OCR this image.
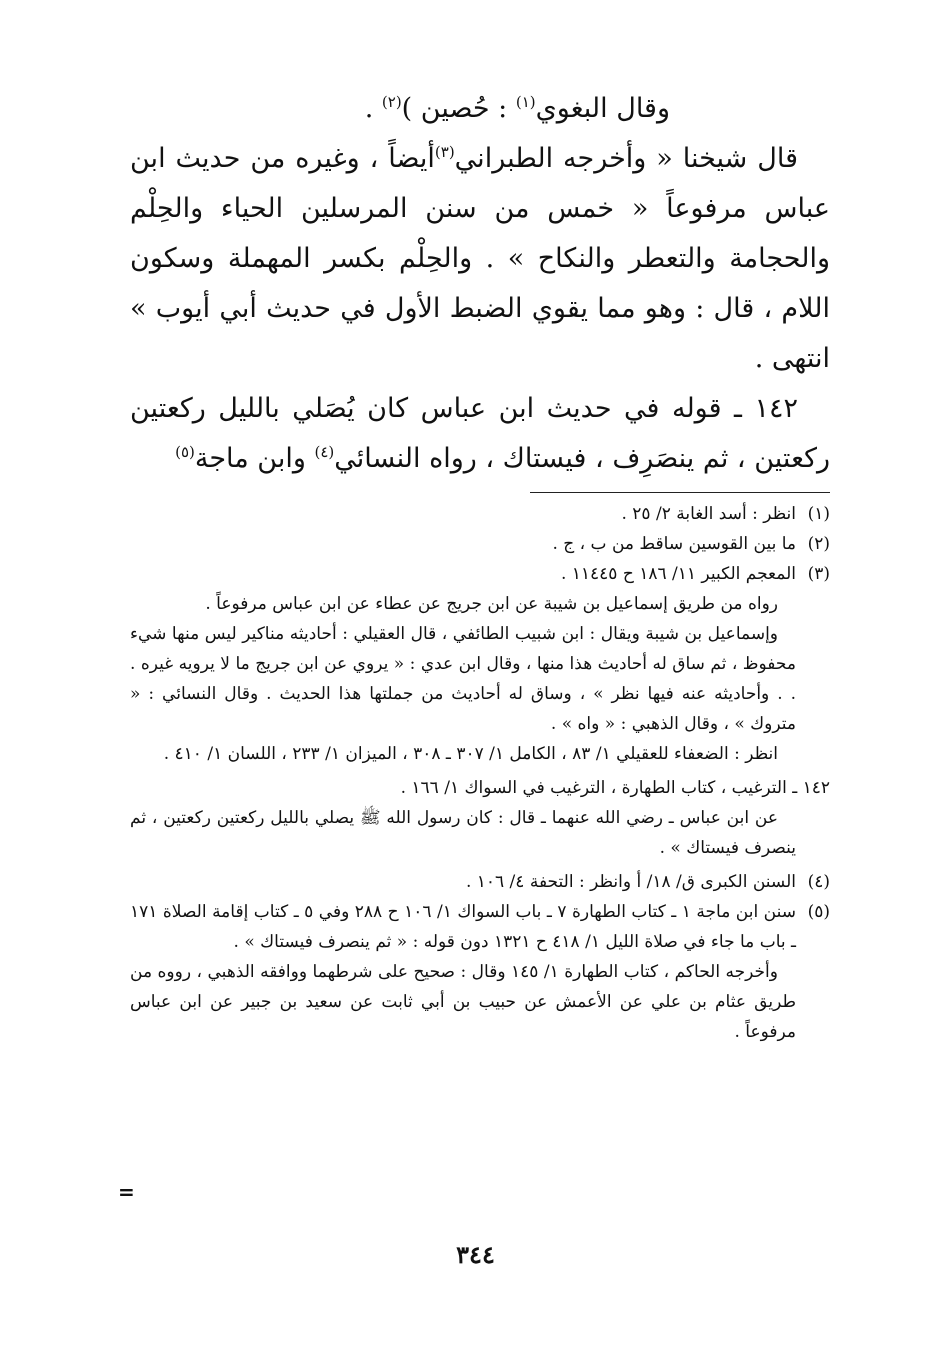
وقال البغوي$^{(١)}$ : حُصين )$^{(٢)}$ .

قال شيخنا « وأخرجه الطبراني$^{(٣)}$أيضاً ، وغيره من حديث ابن عباس مرفوعاً « خمس من سنن المرسلين الحياء والحِلْم والحجامة والتعطر والنكاح » . والحِلْم بكسر المهملة وسكون اللام ، قال : وهو مما يقوي الضبط الأول في حديث أبي أيوب » انتهى .

١٤٢ ـ قوله في حديث ابن عباس كان يُصَلي بالليل ركعتين ركعتين ، ثم ينصَرِف ، فيستاك ، رواه النسائي$^{(٤)}$ وابن ماجة$^{(٥)}$

(١)

انظر : أسد الغابة ٢/ ٢٥ .

(٢)

ما بين القوسين ساقط من ب ، ج .

(٣)

المعجم الكبير ١١/ ١٨٦ ح ١١٤٤٥ .

رواه من طريق إسماعيل بن شيبة عن ابن جريج عن عطاء عن ابن عباس مرفوعاً .

وإسماعيل بن شيبة ويقال : ابن شبيب الطائفي ، قال العقيلي : أحاديثه مناكير ليس منها شيء محفوظ ، ثم ساق له أحاديث هذا منها ، وقال ابن عدي : « يروي عن ابن جريج ما لا يرويه غيره . . . وأحاديثه عنه فيها نظر » ، وساق له أحاديث من جملتها هذا الحديث . وقال النسائي : « متروك » ، وقال الذهبي : « واه » .

انظر : الضعفاء للعقيلي ١/ ٨٣ ، الكامل ١/ ٣٠٧ ـ ٣٠٨ ، الميزان ١/ ٢٣٣ ، اللسان ١/ ٤١٠ .

١٤٢ ـ الترغيب ، كتاب الطهارة ، الترغيب في السواك ١/ ١٦٦ .

عن ابن عباس ـ رضي الله عنهما ـ قال : كان رسول الله ﷺ يصلي بالليل ركعتين ركعتين ، ثم ينصرف فيستاك » .

(٤)

السنن الكبرى ق/ ١٨/ أ وانظر : التحفة ٤/ ١٠٦ .

(٥)

سنن ابن ماجة ١ ـ كتاب الطهارة ٧ ـ باب السواك ١/ ١٠٦ ح ٢٨٨ وفي ٥ ـ كتاب إقامة الصلاة ١٧١ ـ باب ما جاء في صلاة الليل ١/ ٤١٨ ح ١٣٢١ دون قوله : « ثم ينصرف فيستاك » .

وأخرجه الحاكم ، كتاب الطهارة ١/ ١٤٥ وقال : صحيح على شرطهما ووافقه الذهبي ، رووه من طريق عثام بن علي عن الأعمش عن حبيب بن أبي ثابت عن سعيد بن جبير عن ابن عباس مرفوعاً .

=
٣٤٤
